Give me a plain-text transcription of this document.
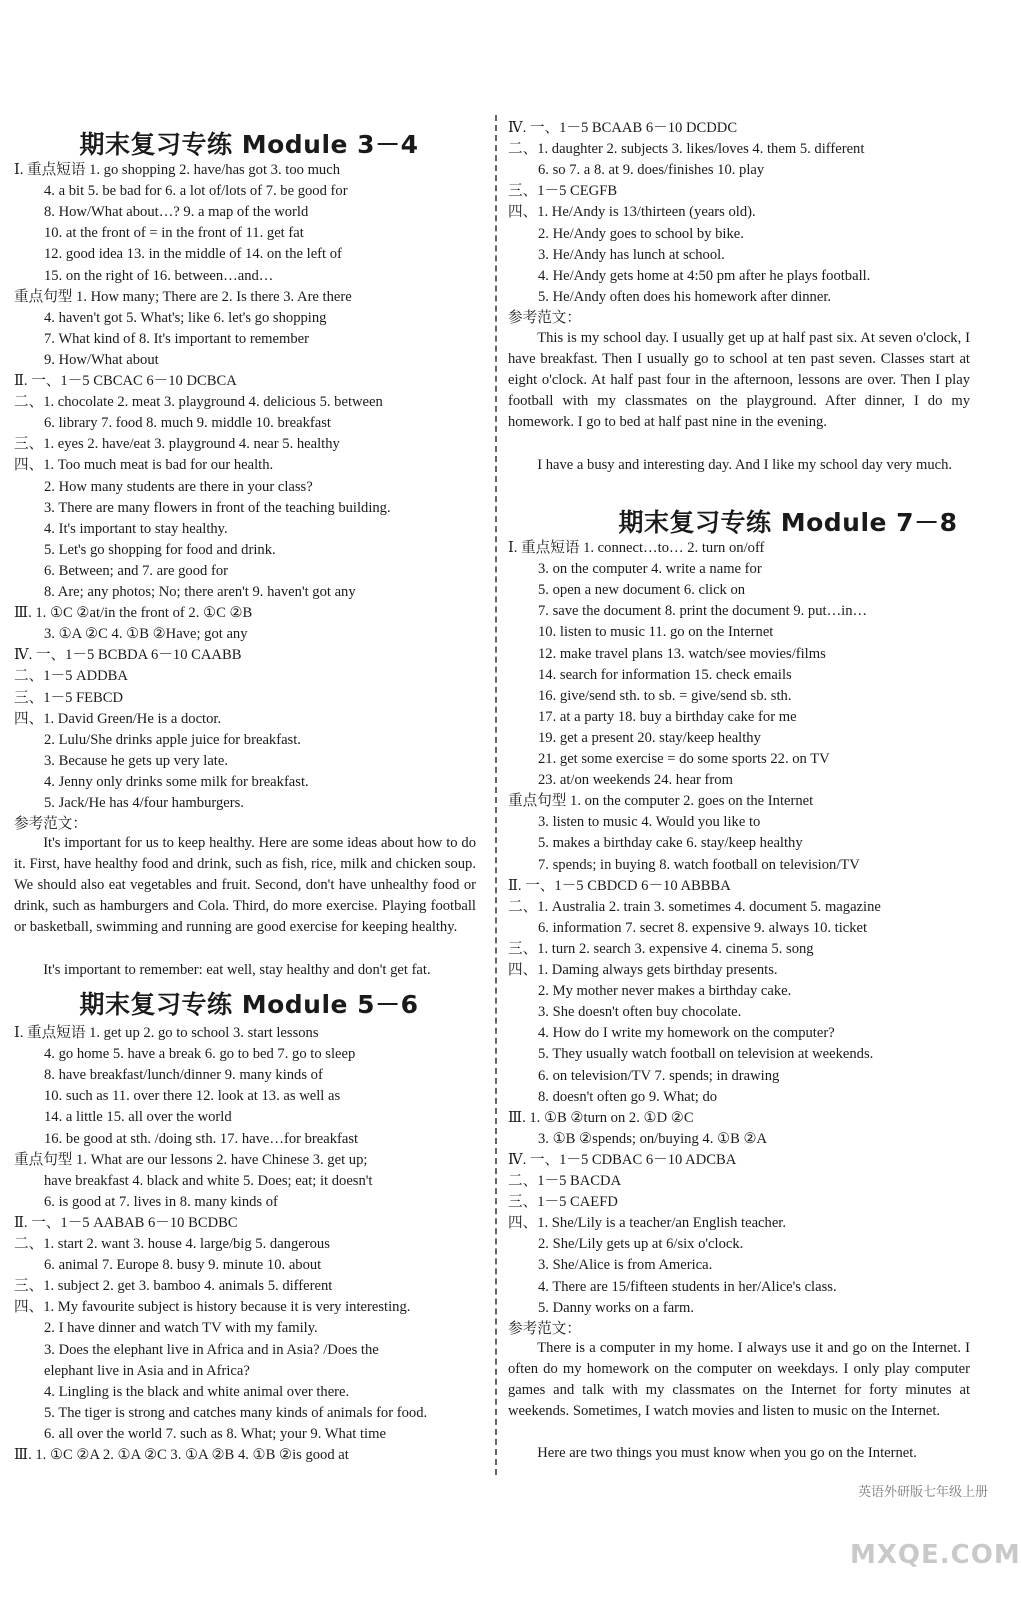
期末复习专练 Module 3－4
Ⅰ. 重点短语 1. go shopping 2. have/has got 3. too much
4. a bit 5. be bad for 6. a lot of/lots of 7. be good for
8. How/What about…? 9. a map of the world
10. at the front of = in the front of 11. get fat
12. good idea 13. in the middle of 14. on the left of
15. on the right of 16. between…and…
重点句型 1. How many; There are 2. Is there 3. Are there
4. haven't got 5. What's; like 6. let's go shopping
7. What kind of 8. It's important to remember
9. How/What about
Ⅱ. 一、1－5 CBCAC 6－10 DCBCA
二、1. chocolate 2. meat 3. playground 4. delicious 5. between
6. library 7. food 8. much 9. middle 10. breakfast
三、1. eyes 2. have/eat 3. playground 4. near 5. healthy
四、1. Too much meat is bad for our health.
2. How many students are there in your class?
3. There are many flowers in front of the teaching building.
4. It's important to stay healthy.
5. Let's go shopping for food and drink.
6. Between; and 7. are good for
8. Are; any photos; No; there aren't 9. haven't got any
Ⅲ. 1. ①C ②at/in the front of 2. ①C ②B
3. ①A ②C 4. ①B ②Have; got any
Ⅳ. 一、1－5 BCBDA 6－10 CAABB
二、1－5 ADDBA
三、1－5 FEBCD
四、1. David Green/He is a doctor.
2. Lulu/She drinks apple juice for breakfast.
3. Because he gets up very late.
4. Jenny only drinks some milk for breakfast.
5. Jack/He has 4/four hamburgers.
参考范文：
It's important for us to keep healthy. Here are some ideas about how to do it. First, have healthy food and drink, such as fish, rice, milk and chicken soup. We should also eat vegetables and fruit. Second, don't have unhealthy food or drink, such as hamburgers and Cola. Third, do more exercise. Playing football or basketball, swimming and running are good exercise for keeping healthy.
It's important to remember: eat well, stay healthy and don't get fat.
期末复习专练 Module 5－6
Ⅰ. 重点短语 1. get up 2. go to school 3. start lessons
4. go home 5. have a break 6. go to bed 7. go to sleep
8. have breakfast/lunch/dinner 9. many kinds of
10. such as 11. over there 12. look at 13. as well as
14. a little 15. all over the world
16. be good at sth. /doing sth. 17. have…for breakfast
重点句型 1. What are our lessons 2. have Chinese 3. get up;
have breakfast 4. black and white 5. Does; eat; it doesn't
6. is good at 7. lives in 8. many kinds of
Ⅱ. 一、1－5 AABAB 6－10 BCDBC
二、1. start 2. want 3. house 4. large/big 5. dangerous
6. animal 7. Europe 8. busy 9. minute 10. about
三、1. subject 2. get 3. bamboo 4. animals 5. different
四、1. My favourite subject is history because it is very interesting.
2. I have dinner and watch TV with my family.
3. Does the elephant live in Africa and in Asia? /Does the
elephant live in Asia and in Africa?
4. Lingling is the black and white animal over there.
5. The tiger is strong and catches many kinds of animals for food.
6. all over the world 7. such as 8. What; your 9. What time
Ⅲ. 1. ①C ②A 2. ①A ②C 3. ①A ②B 4. ①B ②is good at
Ⅳ. 一、1－5 BCAAB 6－10 DCDDC
二、1. daughter 2. subjects 3. likes/loves 4. them 5. different
6. so 7. a 8. at 9. does/finishes 10. play
三、1－5 CEGFB
四、1. He/Andy is 13/thirteen (years old).
2. He/Andy goes to school by bike.
3. He/Andy has lunch at school.
4. He/Andy gets home at 4:50 pm after he plays football.
5. He/Andy often does his homework after dinner.
参考范文：
This is my school day. I usually get up at half past six. At seven o'clock, I have breakfast. Then I usually go to school at ten past seven. Classes start at eight o'clock. At half past four in the afternoon, lessons are over. Then I play football with my classmates on the playground. After dinner, I do my homework. I go to bed at half past nine in the evening.
I have a busy and interesting day. And I like my school day very much.
期末复习专练 Module 7－8
Ⅰ. 重点短语 1. connect…to… 2. turn on/off
3. on the computer 4. write a name for
5. open a new document 6. click on
7. save the document 8. print the document 9. put…in…
10. listen to music 11. go on the Internet
12. make travel plans 13. watch/see movies/films
14. search for information 15. check emails
16. give/send sth. to sb. = give/send sb. sth.
17. at a party 18. buy a birthday cake for me
19. get a present 20. stay/keep healthy
21. get some exercise = do some sports 22. on TV
23. at/on weekends 24. hear from
重点句型 1. on the computer 2. goes on the Internet
3. listen to music 4. Would you like to
5. makes a birthday cake 6. stay/keep healthy
7. spends; in buying 8. watch football on television/TV
Ⅱ. 一、1－5 CBDCD 6－10 ABBBA
二、1. Australia 2. train 3. sometimes 4. document 5. magazine
6. information 7. secret 8. expensive 9. always 10. ticket
三、1. turn 2. search 3. expensive 4. cinema 5. song
四、1. Daming always gets birthday presents.
2. My mother never makes a birthday cake.
3. She doesn't often buy chocolate.
4. How do I write my homework on the computer?
5. They usually watch football on television at weekends.
6. on television/TV 7. spends; in drawing
8. doesn't often go 9. What; do
Ⅲ. 1. ①B ②turn on 2. ①D ②C
3. ①B ②spends; on/buying 4. ①B ②A
Ⅳ. 一、1－5 CDBAC 6－10 ADCBA
二、1－5 BACDA
三、1－5 CAEFD
四、1. She/Lily is a teacher/an English teacher.
2. She/Lily gets up at 6/six o'clock.
3. She/Alice is from America.
4. There are 15/fifteen students in her/Alice's class.
5. Danny works on a farm.
参考范文：
There is a computer in my home. I always use it and go on the Internet. I often do my homework on the computer on weekdays. I only play computer games and talk with my classmates on the Internet for forty minutes at weekends. Sometimes, I watch movies and listen to music on the Internet.
Here are two things you must know when you go on the Internet.
英语外研版七年级上册
MXQE.COM
